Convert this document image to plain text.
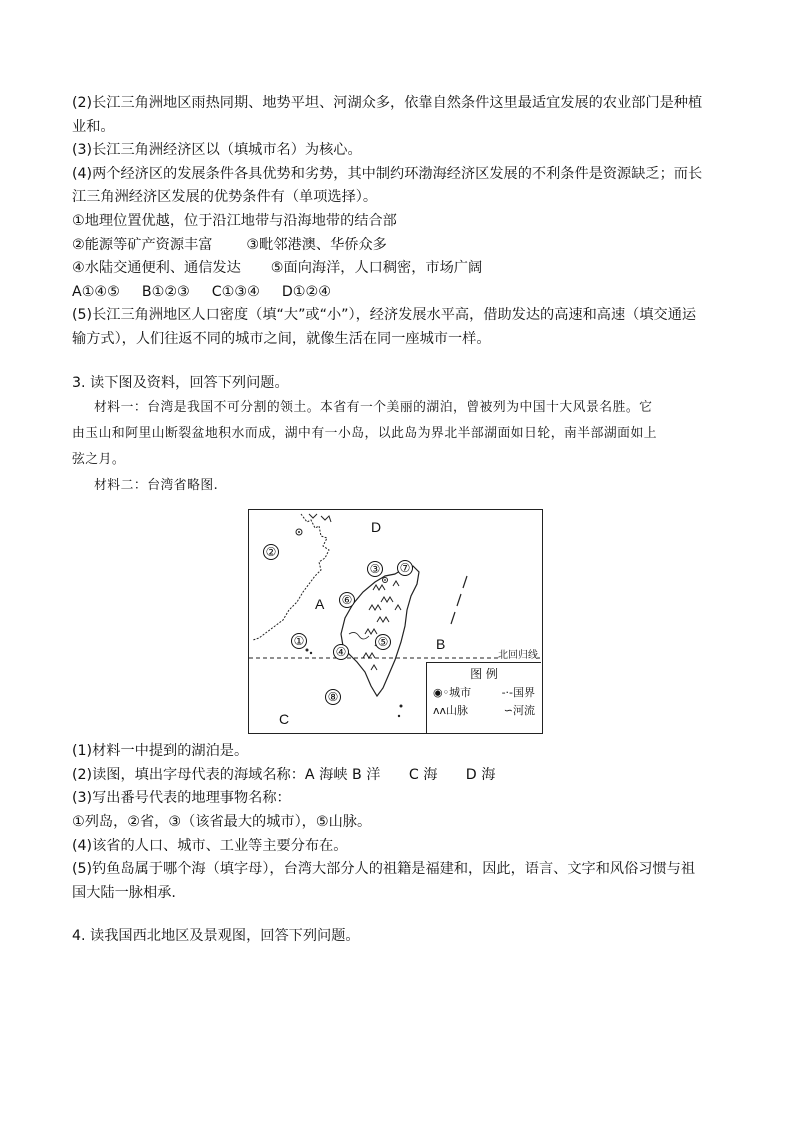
(2)长江三角洲地区雨热同期、地势平坦、河湖众多，依靠自然条件这里最适宜发展的农业部门是种植
业和。
(3)长江三角洲经济区以（填城市名）为核心。
(4)两个经济区的发展条件各具优势和劣势，其中制约环渤海经济区发展的不利条件是资源缺乏；而长
江三角洲经济区发展的优势条件有（单项选择）。
①地理位置优越，位于沿江地带与沿海地带的结合部
②能源等矿产资源丰富 ③毗邻港澳、华侨众多
④水陆交通便利、通信发达 ⑤面向海洋，人口稠密，市场广阔
A①④⑤ B①②③ C①③④ D①②④
(5)长江三角洲地区人口密度（填“大”或“小”），经济发展水平高，借助发达的高速和高速（填交通运
输方式），人们往返不同的城市之间，就像生活在同一座城市一样。
3. 读下图及资料，回答下列问题。
材料一：台湾是我国不可分割的领土。本省有一个美丽的湖泊，曾被列为中国十大风景名胜。它
由玉山和阿里山断裂盆地积水而成，湖中有一小岛，以此岛为界北半部湖面如日轮，南半部湖面如上
弦之月。
材料二：台湾省略图.
D
A
B
C
①
②
③
④
⑤
⑥
⑦
⑧
北回归线
图 例
◉◦城市	-·-国界
ʌʌ山脉	∽河流
(1)材料一中提到的湖泊是。
(2)读图，填出字母代表的海域名称：A 海峡 B 洋　　C 海　　D 海
(3)写出番号代表的地理事物名称：
①列岛，②省，③（该省最大的城市），⑤山脉。
(4)该省的人口、城市、工业等主要分布在。
(5)钓鱼岛属于哪个海（填字母），台湾大部分人的祖籍是福建和，因此，语言、文字和风俗习惯与祖
国大陆一脉相承.
4. 读我国西北地区及景观图，回答下列问题。
